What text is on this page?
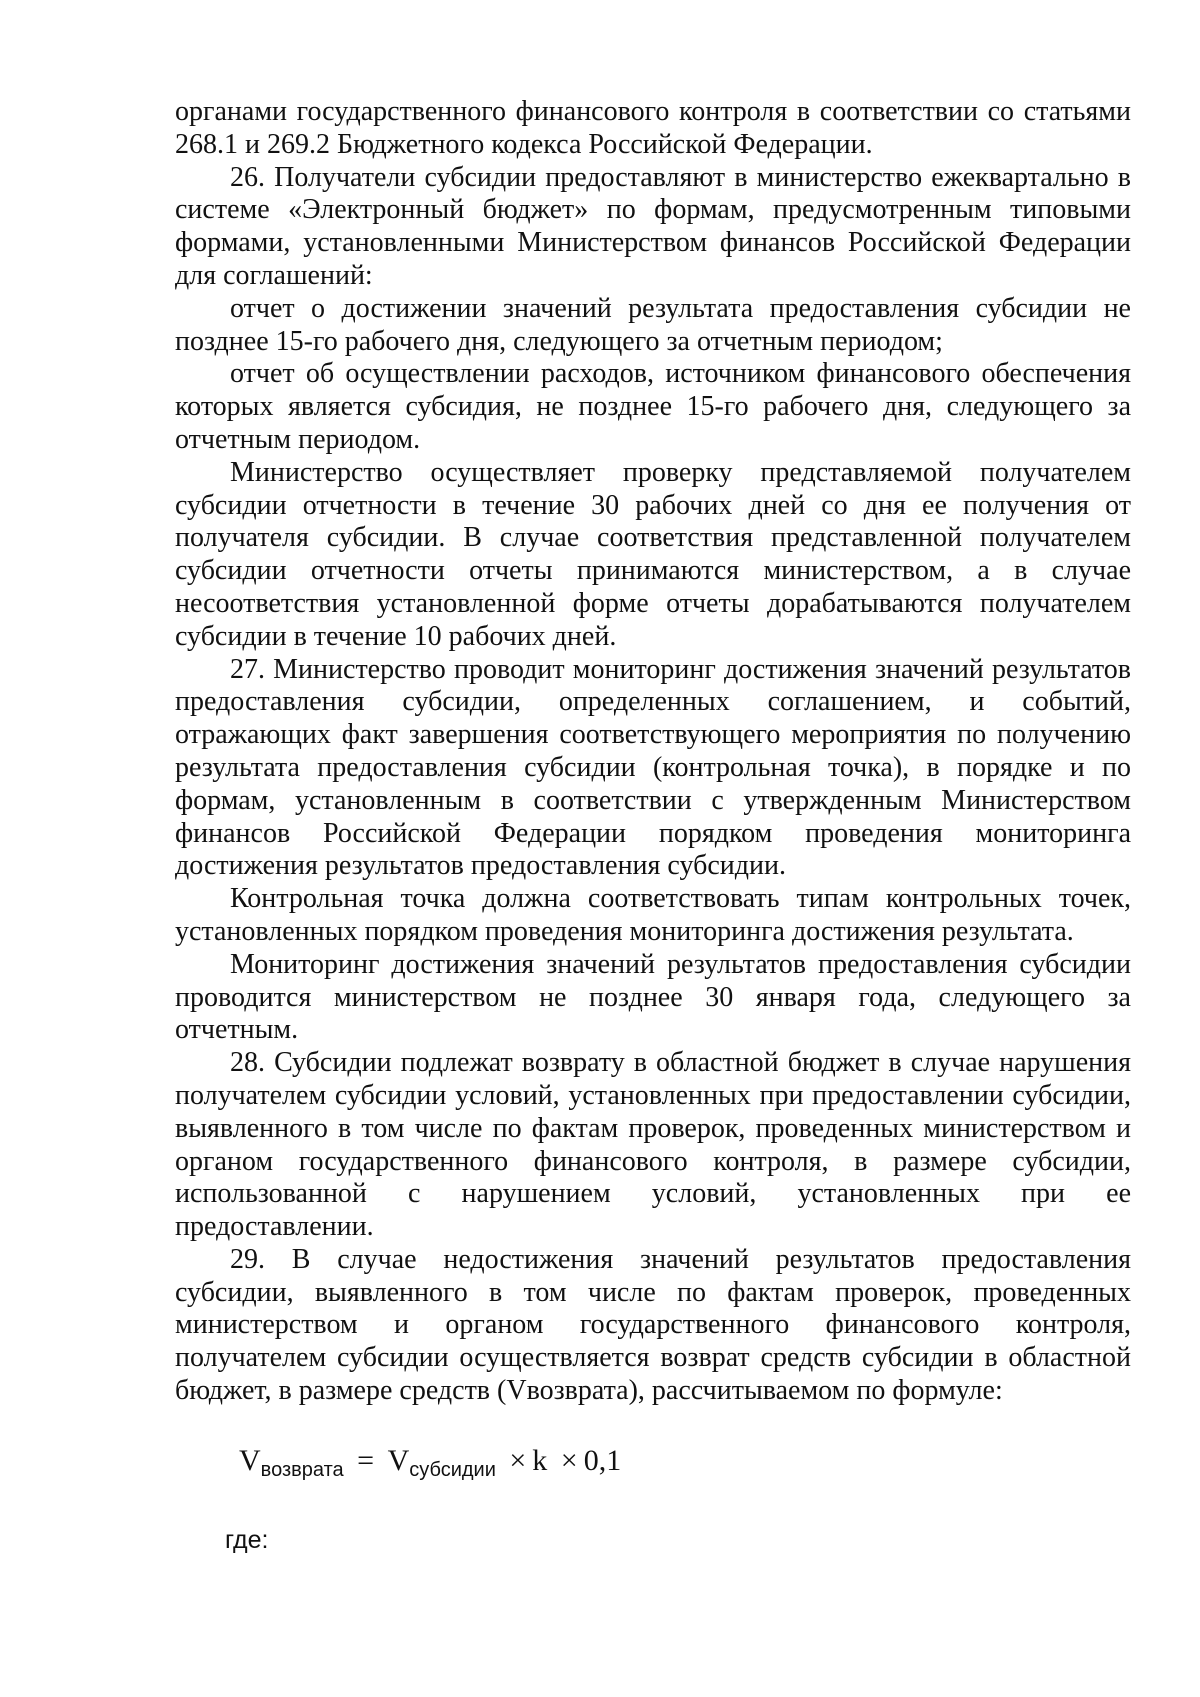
органами государственного финансового контроля в соответствии со статьями 268.1 и 269.2 Бюджетного кодекса Российской Федерации.

26. Получатели субсидии предоставляют в министерство ежеквартально в системе «Электронный бюджет» по формам, предусмотренным типовыми формами, установленными Министерством финансов Российской Федерации для соглашений:

отчет о достижении значений результата предоставления субсидии не позднее 15-го рабочего дня, следующего за отчетным периодом;

отчет об осуществлении расходов, источником финансового обеспечения которых является субсидия, не позднее 15-го рабочего дня, следующего за отчетным периодом.

Министерство осуществляет проверку представляемой получателем субсидии отчетности в течение 30 рабочих дней со дня ее получения от получателя субсидии. В случае соответствия представленной получателем субсидии отчетности отчеты принимаются министерством, а в случае несоответствия установленной форме отчеты дорабатываются получателем субсидии в течение 10 рабочих дней.

27. Министерство проводит мониторинг достижения значений результатов предоставления субсидии, определенных соглашением, и событий, отражающих факт завершения соответствующего мероприятия по получению результата предоставления субсидии (контрольная точка), в порядке и по формам, установленным в соответствии с утвержденным Министерством финансов Российской Федерации порядком проведения мониторинга достижения результатов предоставления субсидии.

Контрольная точка должна соответствовать типам контрольных точек, установленных порядком проведения мониторинга достижения результата.

Мониторинг достижения значений результатов предоставления субсидии проводится министерством не позднее 30 января года, следующего за отчетным.

28. Субсидии подлежат возврату в областной бюджет в случае нарушения получателем субсидии условий, установленных при предоставлении субсидии, выявленного в том числе по фактам проверок, проведенных министерством и органом государственного финансового контроля, в размере субсидии, использованной с нарушением условий, установленных при ее предоставлении.

29. В случае недостижения значений результатов предоставления субсидии, выявленного в том числе по фактам проверок, проведенных министерством и органом государственного финансового контроля, получателем субсидии осуществляется возврат средств субсидии в областной бюджет, в размере средств (Vвозврата), рассчитываемом по формуле:

$V_{возврата} = V_{субсидии} \times k \times 0,1$
где:
